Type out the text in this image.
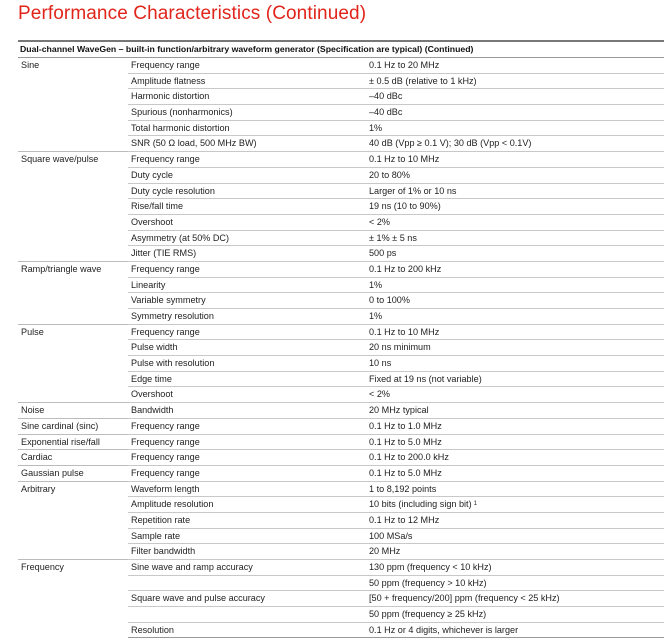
Performance Characteristics (Continued)
Dual-channel WaveGen – built-in function/arbitrary waveform generator (Specification are typical) (Continued)		
Sine	Frequency range	0.1 Hz to 20 MHz
	Amplitude flatness	± 0.5 dB (relative to 1 kHz)
	Harmonic distortion	–40 dBc
	Spurious (nonharmonics)	–40 dBc
	Total harmonic distortion	1%
	SNR (50 Ω load, 500 MHz BW)	40 dB (Vpp ≥ 0.1 V); 30 dB (Vpp < 0.1V)
Square wave/pulse	Frequency range	0.1 Hz to 10 MHz
	Duty cycle	20 to 80%
	Duty cycle resolution	Larger of 1% or 10 ns
	Rise/fall time	19 ns (10 to 90%)
	Overshoot	< 2%
	Asymmetry (at 50% DC)	± 1% ± 5 ns
	Jitter (TIE RMS)	500 ps
Ramp/triangle wave	Frequency range	0.1 Hz to 200 kHz
	Linearity	1%
	Variable symmetry	0 to 100%
	Symmetry resolution	1%
Pulse	Frequency range	0.1 Hz to 10 MHz
	Pulse width	20 ns minimum
	Pulse with resolution	10 ns
	Edge time	Fixed at 19 ns (not variable)
	Overshoot	< 2%
Noise	Bandwidth	20 MHz typical
Sine cardinal (sinc)	Frequency range	0.1 Hz to 1.0 MHz
Exponential rise/fall	Frequency range	0.1 Hz to 5.0 MHz
Cardiac	Frequency range	0.1 Hz to 200.0 kHz
Gaussian pulse	Frequency range	0.1 Hz to 5.0 MHz
Arbitrary	Waveform length	1 to 8,192 points
	Amplitude resolution	10 bits (including sign bit) $^1$
	Repetition rate	0.1 Hz to 12 MHz
	Sample rate	100 MSa/s
	Filter bandwidth	20 MHz
Frequency	Sine wave and ramp accuracy	130 ppm (frequency < 10 kHz)
		50 ppm (frequency > 10 kHz)
	Square wave and pulse accuracy	[50 + frequency/200] ppm (frequency < 25 kHz)
		50 ppm (frequency ≥ 25 kHz)
	Resolution	0.1 Hz or 4 digits, whichever is larger
